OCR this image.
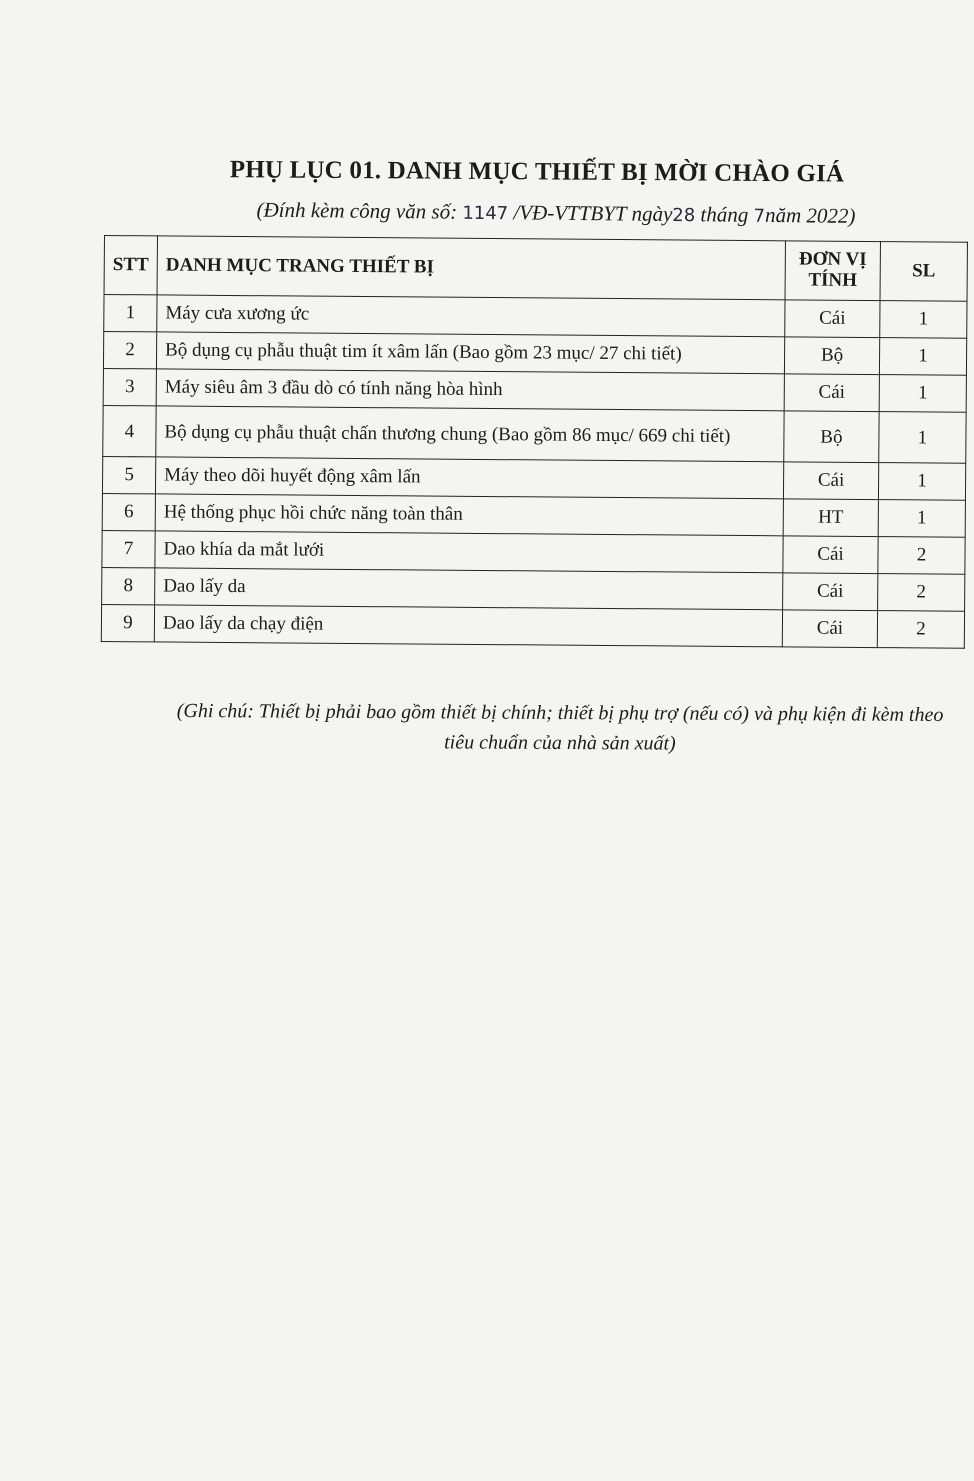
PHỤ LỤC 01. DANH MỤC THIẾT BỊ MỜI CHÀO GIÁ
(Đính kèm công văn số: 1147 /VĐ-VTTBYT ngày28 tháng 7năm 2022)
STT	DANH MỤC TRANG THIẾT BỊ	ĐƠN VỊ TÍNH	SL
1	Máy cưa xương ức	Cái	1
2	Bộ dụng cụ phẫu thuật tim ít xâm lấn (Bao gồm 23 mục/ 27 chi tiết)	Bộ	1
3	Máy siêu âm 3 đầu dò có tính năng hòa hình	Cái	1
4	Bộ dụng cụ phẫu thuật chấn thương chung (Bao gồm 86 mục/ 669 chi tiết)	Bộ	1
5	Máy theo dõi huyết động xâm lấn	Cái	1
6	Hệ thống phục hồi chức năng toàn thân	HT	1
7	Dao khía da mắt lưới	Cái	2
8	Dao lấy da	Cái	2
9	Dao lấy da chạy điện	Cái	2
(Ghi chú: Thiết bị phải bao gồm thiết bị chính; thiết bị phụ trợ (nếu có) và phụ kiện đi kèm theo tiêu chuẩn của nhà sản xuất)
